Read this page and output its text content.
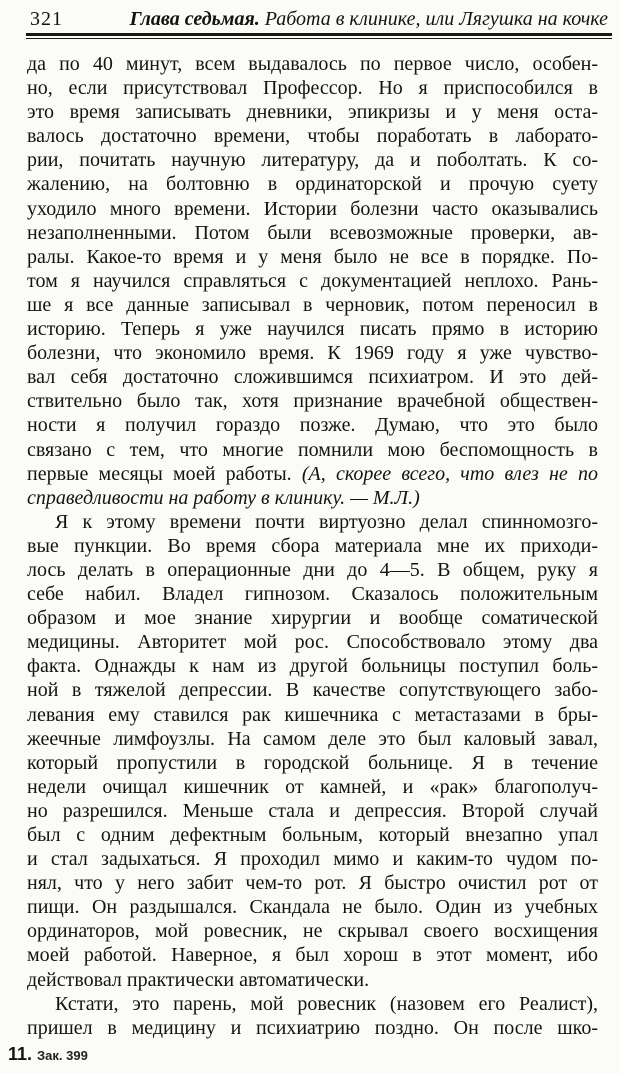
321	Глава седьмая. Работа в клинике, или Лягушка на кочке
да по 40 минут, всем выдавалось по первое число, особен-
но, если присутствовал Профессор. Но я приспособился в
это время записывать дневники, эпикризы и у меня оста-
валось достаточно времени, чтобы поработать в лаборато-
рии, почитать научную литературу, да и поболтать. К со-
жалению, на болтовню в ординаторской и прочую суету
уходило много времени. Истории болезни часто оказывались
незаполненными. Потом были всевозможные проверки, ав-
ралы. Какое-то время и у меня было не все в порядке. По-
том я научился справляться с документацией неплохо. Рань-
ше я все данные записывал в черновик, потом переносил в
историю. Теперь я уже научился писать прямо в историю
болезни, что экономило время. К 1969 году я уже чувство-
вал себя достаточно сложившимся психиатром. И это дей-
ствительно было так, хотя признание врачебной обществен-
ности я получил гораздо позже. Думаю, что это было
связано с тем, что многие помнили мою беспомощность в
первые месяцы моей работы. (А, скорее всего, что влез не по
справедливости на работу в клинику. — М.Л.)
Я к этому времени почти виртуозно делал спинномозго-
вые пункции. Во время сбора материала мне их приходи-
лось делать в операционные дни до 4—5. В общем, руку я
себе набил. Владел гипнозом. Сказалось положительным
образом и мое знание хирургии и вообще соматической
медицины. Авторитет мой рос. Способствовало этому два
факта. Однажды к нам из другой больницы поступил боль-
ной в тяжелой депрессии. В качестве сопутствующего забо-
левания ему ставился рак кишечника с метастазами в бры-
жеечные лимфоузлы. На самом деле это был каловый завал,
который пропустили в городской больнице. Я в течение
недели очищал кишечник от камней, и «рак» благополуч-
но разрешился. Меньше стала и депрессия. Второй случай
был с одним дефектным больным, который внезапно упал
и стал задыхаться. Я проходил мимо и каким-то чудом по-
нял, что у него забит чем-то рот. Я быстро очистил рот от
пищи. Он раздышался. Скандала не было. Один из учебных
ординаторов, мой ровесник, не скрывал своего восхищения
моей работой. Наверное, я был хорош в этот момент, ибо
действовал практически автоматически.
Кстати, это парень, мой ровесник (назовем его Реалист),
пришел в медицину и психиатрию поздно. Он после шко-
11. Зак. 399
